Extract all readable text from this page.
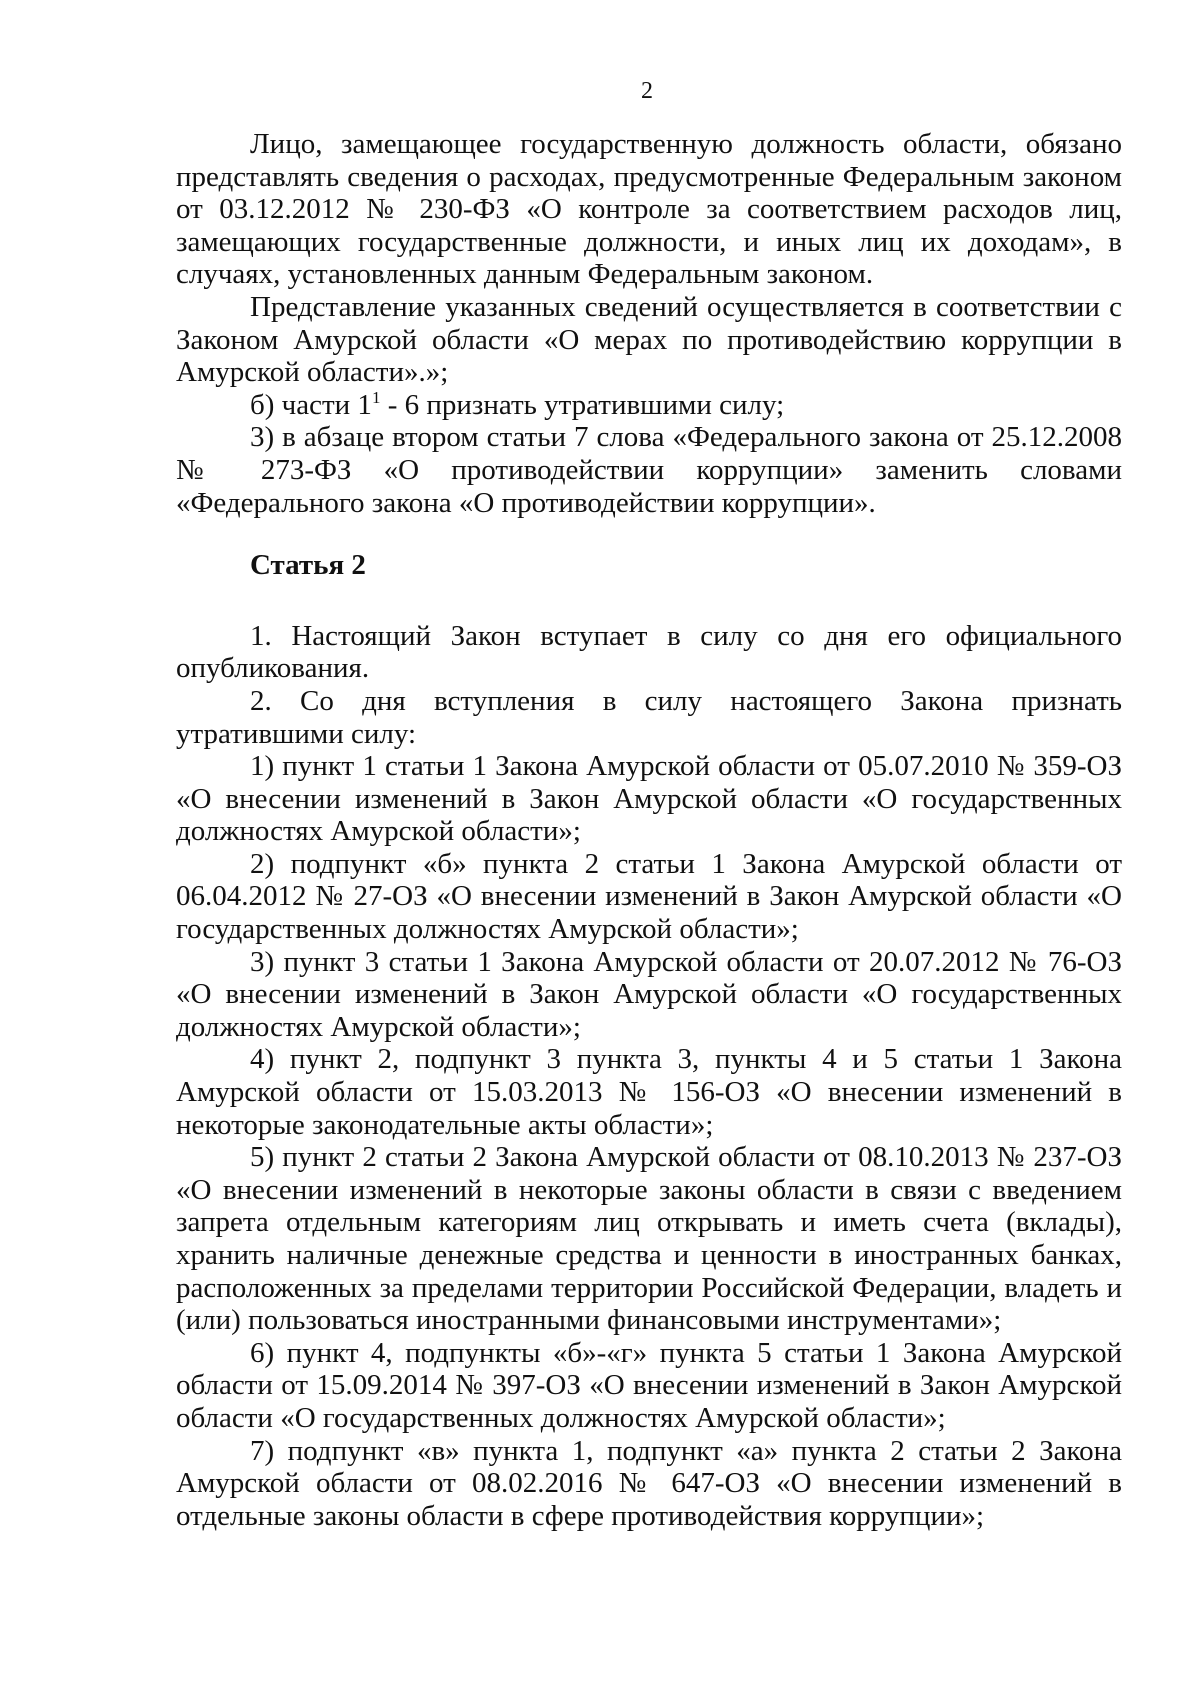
2

Лицо, замещающее государственную должность области, обязано представлять сведения о расходах, предусмотренные Федеральным законом от 03.12.2012 № 230-ФЗ «О контроле за соответствием расходов лиц, замещающих государственные должности, и иных лиц их доходам», в случаях, установленных данным Федеральным законом.

Представление указанных сведений осуществляется в соответствии с Законом Амурской области «О мерах по противодействию коррупции в Амурской области».»;

б) части $1^1 - 6$ признать утратившими силу;

3) в абзаце втором статьи 7 слова «Федерального закона от 25.12.2008 № 273-ФЗ «О противодействии коррупции» заменить словами «Федерального закона «О противодействии коррупции».

Статья 2

1. Настоящий Закон вступает в силу со дня его официального опубликования.

2. Со дня вступления в силу настоящего Закона признать утратившими силу:

1) пункт 1 статьи 1 Закона Амурской области от 05.07.2010 № 359-ОЗ «О внесении изменений в Закон Амурской области «О государственных должностях Амурской области»;

2) подпункт «б» пункта 2 статьи 1 Закона Амурской области от 06.04.2012 № 27-ОЗ «О внесении изменений в Закон Амурской области «О государственных должностях Амурской области»;

3) пункт 3 статьи 1 Закона Амурской области от 20.07.2012 № 76-ОЗ «О внесении изменений в Закон Амурской области «О государственных должностях Амурской области»;

4) пункт 2, подпункт 3 пункта 3, пункты 4 и 5 статьи 1 Закона Амурской области от 15.03.2013 № 156-ОЗ «О внесении изменений в некоторые законодательные акты области»;

5) пункт 2 статьи 2 Закона Амурской области от 08.10.2013 № 237-ОЗ «О внесении изменений в некоторые законы области в связи с введением запрета отдельным категориям лиц открывать и иметь счета (вклады), хранить наличные денежные средства и ценности в иностранных банках, расположенных за пределами территории Российской Федерации, владеть и (или) пользоваться иностранными финансовыми инструментами»;

6) пункт 4, подпункты «б»-«г» пункта 5 статьи 1 Закона Амурской области от 15.09.2014 № 397-ОЗ «О внесении изменений в Закон Амурской области «О государственных должностях Амурской области»;

7) подпункт «в» пункта 1, подпункт «а» пункта 2 статьи 2 Закона Амурской области от 08.02.2016 № 647-ОЗ «О внесении изменений в отдельные законы области в сфере противодействия коррупции»;
